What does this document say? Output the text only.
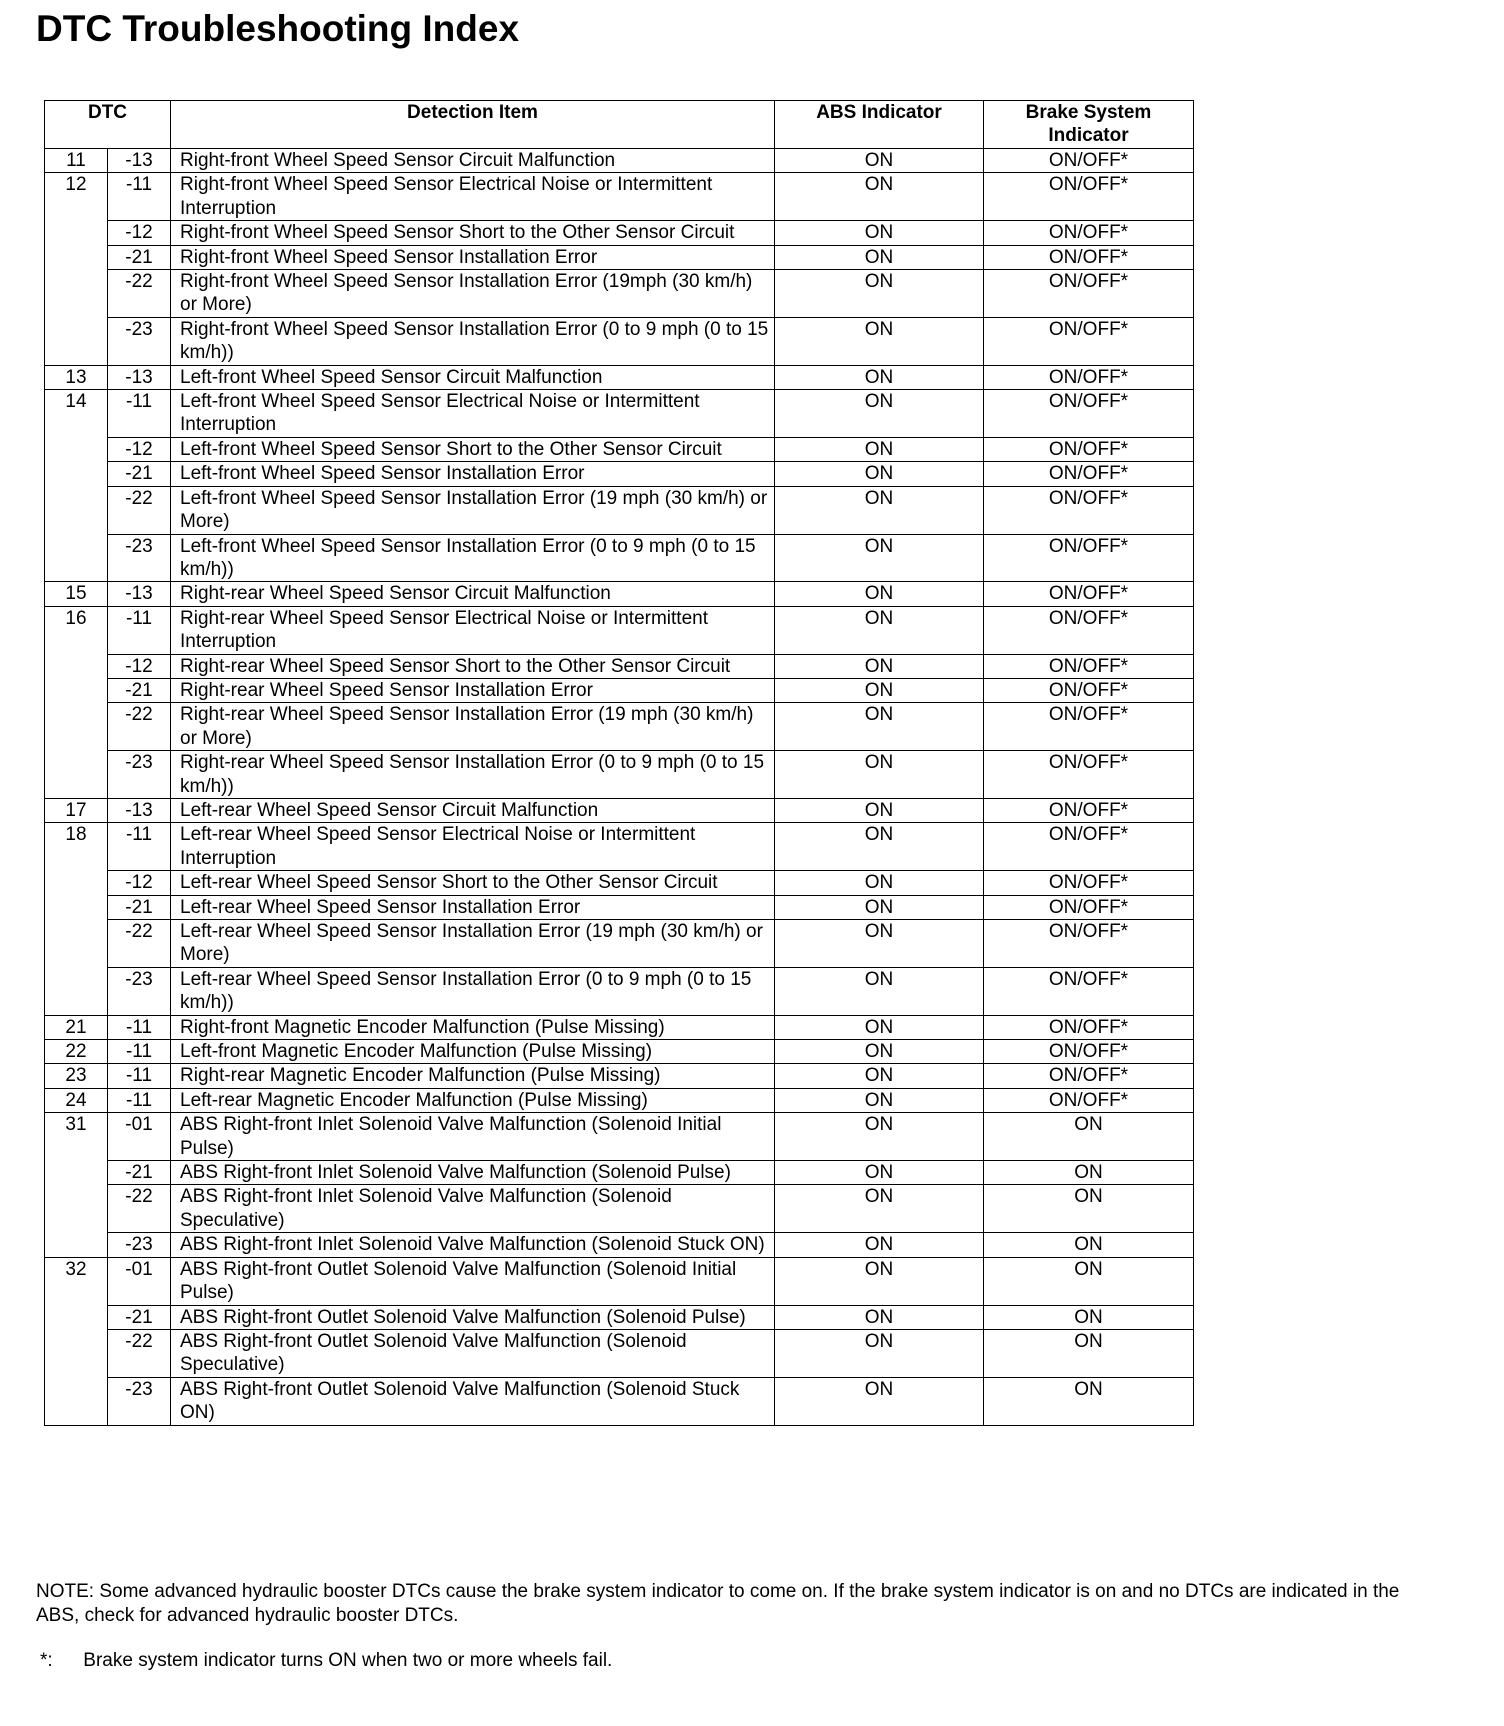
DTC Troubleshooting Index
DTC		Detection Item	ABS Indicator	Brake System Indicator
11	-13	Right-front Wheel Speed Sensor Circuit Malfunction	ON	ON/OFF*
12	-11	Right-front Wheel Speed Sensor Electrical Noise or Intermittent Interruption	ON	ON/OFF*
	-12	Right-front Wheel Speed Sensor Short to the Other Sensor Circuit	ON	ON/OFF*
	-21	Right-front Wheel Speed Sensor Installation Error	ON	ON/OFF*
	-22	Right-front Wheel Speed Sensor Installation Error (19mph (30 km/h) or More)	ON	ON/OFF*
	-23	Right-front Wheel Speed Sensor Installation Error (0 to 9 mph (0 to 15 km/h))	ON	ON/OFF*
13	-13	Left-front Wheel Speed Sensor Circuit Malfunction	ON	ON/OFF*
14	-11	Left-front Wheel Speed Sensor Electrical Noise or Intermittent Interruption	ON	ON/OFF*
	-12	Left-front Wheel Speed Sensor Short to the Other Sensor Circuit	ON	ON/OFF*
	-21	Left-front Wheel Speed Sensor Installation Error	ON	ON/OFF*
	-22	Left-front Wheel Speed Sensor Installation Error (19 mph (30 km/h) or More)	ON	ON/OFF*
	-23	Left-front Wheel Speed Sensor Installation Error (0 to 9 mph (0 to 15 km/h))	ON	ON/OFF*
15	-13	Right-rear Wheel Speed Sensor Circuit Malfunction	ON	ON/OFF*
16	-11	Right-rear Wheel Speed Sensor Electrical Noise or Intermittent Interruption	ON	ON/OFF*
	-12	Right-rear Wheel Speed Sensor Short to the Other Sensor Circuit	ON	ON/OFF*
	-21	Right-rear Wheel Speed Sensor Installation Error	ON	ON/OFF*
	-22	Right-rear Wheel Speed Sensor Installation Error (19 mph (30 km/h) or More)	ON	ON/OFF*
	-23	Right-rear Wheel Speed Sensor Installation Error (0 to 9 mph (0 to 15 km/h))	ON	ON/OFF*
17	-13	Left-rear Wheel Speed Sensor Circuit Malfunction	ON	ON/OFF*
18	-11	Left-rear Wheel Speed Sensor Electrical Noise or Intermittent Interruption	ON	ON/OFF*
	-12	Left-rear Wheel Speed Sensor Short to the Other Sensor Circuit	ON	ON/OFF*
	-21	Left-rear Wheel Speed Sensor Installation Error	ON	ON/OFF*
	-22	Left-rear Wheel Speed Sensor Installation Error (19 mph (30 km/h) or More)	ON	ON/OFF*
	-23	Left-rear Wheel Speed Sensor Installation Error (0 to 9 mph (0 to 15 km/h))	ON	ON/OFF*
21	-11	Right-front Magnetic Encoder Malfunction (Pulse Missing)	ON	ON/OFF*
22	-11	Left-front Magnetic Encoder Malfunction (Pulse Missing)	ON	ON/OFF*
23	-11	Right-rear Magnetic Encoder Malfunction (Pulse Missing)	ON	ON/OFF*
24	-11	Left-rear Magnetic Encoder Malfunction (Pulse Missing)	ON	ON/OFF*
31	-01	ABS Right-front Inlet Solenoid Valve Malfunction (Solenoid Initial Pulse)	ON	ON
	-21	ABS Right-front Inlet Solenoid Valve Malfunction (Solenoid Pulse)	ON	ON
	-22	ABS Right-front Inlet Solenoid Valve Malfunction (Solenoid Speculative)	ON	ON
	-23	ABS Right-front Inlet Solenoid Valve Malfunction (Solenoid Stuck ON)	ON	ON
32	-01	ABS Right-front Outlet Solenoid Valve Malfunction (Solenoid Initial Pulse)	ON	ON
	-21	ABS Right-front Outlet Solenoid Valve Malfunction (Solenoid Pulse)	ON	ON
	-22	ABS Right-front Outlet Solenoid Valve Malfunction (Solenoid Speculative)	ON	ON
	-23	ABS Right-front Outlet Solenoid Valve Malfunction (Solenoid Stuck ON)	ON	ON
NOTE: Some advanced hydraulic booster DTCs cause the brake system indicator to come on. If the brake system indicator is on and no DTCs are indicated in the ABS, check for advanced hydraulic booster DTCs.
*: Brake system indicator turns ON when two or more wheels fail.
